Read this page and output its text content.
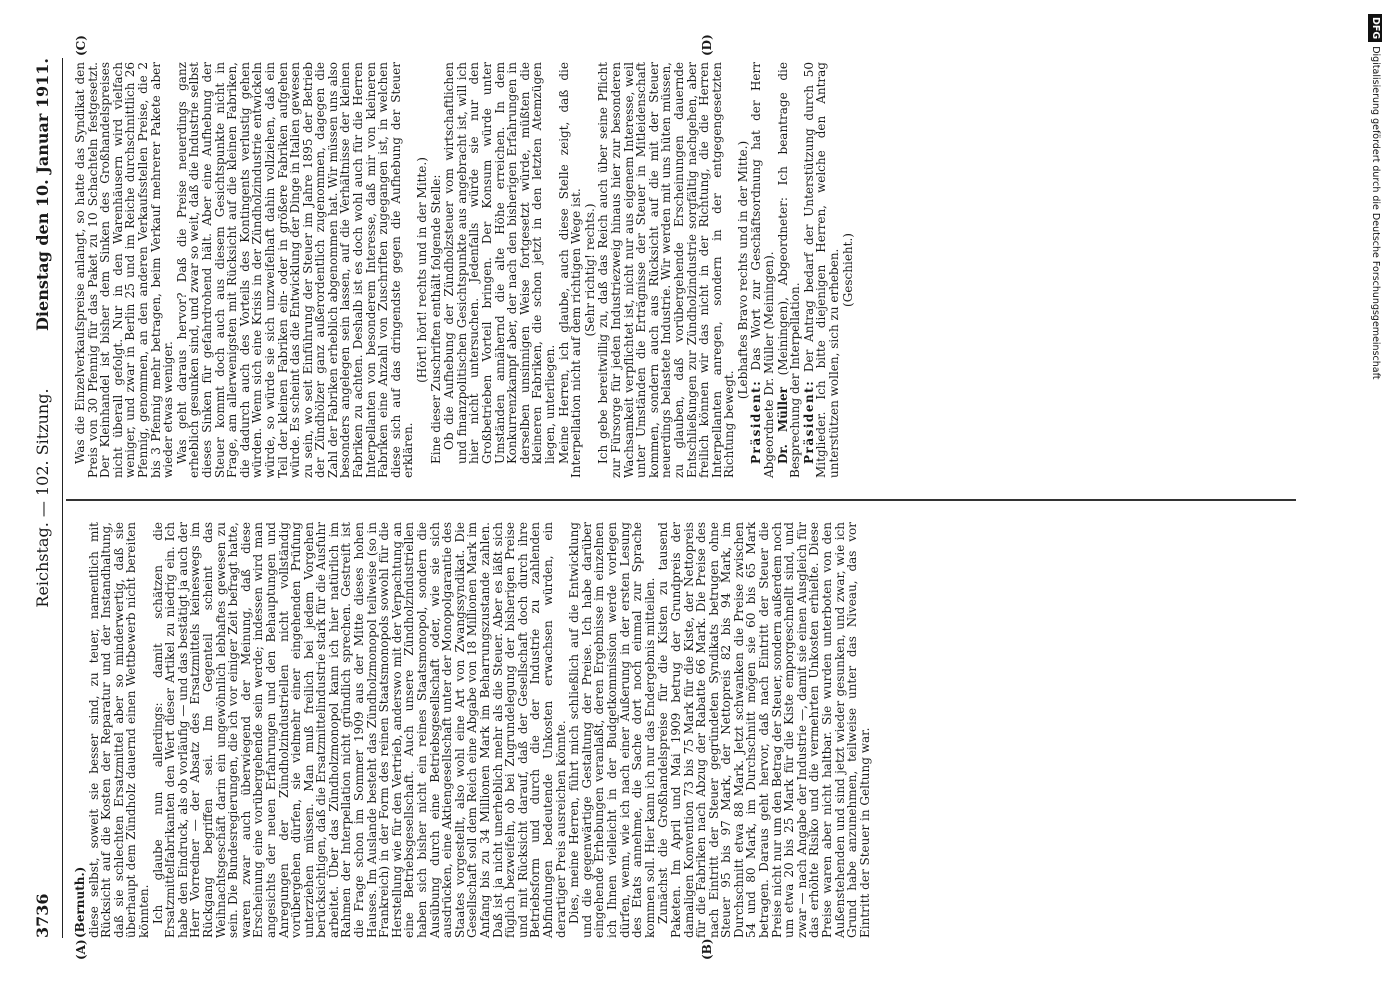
3736
Reichstag. — 102. Sitzung.
Dienstag den 10. Januar 1911.
(A)	(B)
(C)	(D)

(Bernuth.) diese selbst, soweit sie besser sind, zu teuer, namentlich mit Rücksicht auf die Kosten der Reparatur und der Instandhaltung, daß sie schlechten Ersatzmittel aber so minderwertig, daß sie überhaupt dem Zündholz dauernd einen Wettbewerb nicht bereiten könnten. Ich glaube nun allerdings: damit schätzen die Ersatzmittelfabrikanten den Wert dieser Artikel zu niedrig ein. Ich habe den Eindruck, als ob vorläufig — und das bestätigt ja auch der Herr Vorredner — der Absatz des Ersatzmittels keineswegs im Rückgang begriffen sei. Im Gegenteil scheint das Weihnachtsgeschäft darin ein ungewöhnlich lebhaftes gewesen zu sein. Die Bundesregierungen, die ich vor einiger Zeit befragt hatte, waren zwar auch überwiegend der Meinung, daß diese Erscheinung eine vorübergehende sein werde; indessen wird man angesichts der neuen Erfahrungen und den Behauptungen und Anregungen der Zündholzindustriellen nicht vollständig vorübergehen dürfen, sie vielmehr einer eingehenden Prüfung unterziehen müssen. Man muß freilich bei jedem Vorgehen berücksichtigen, daß die Ersatzmittelindustrie stark für die Ausfuhr arbeitet. Über das Zündholzmonopol kann ich hier natürlich im Rahmen der Interpellation nicht gründlich sprechen. Gestreift ist die Frage schon im Sommer 1909 aus der Mitte dieses hohen Hauses. Im Auslande besteht das Zündholzmonopol teilweise (so in Frankreich) in der Form des reinen Staatsmonopols sowohl für die Herstellung wie für den Vertrieb, anderswo mit der Verpachtung an eine Betriebsgesellschaft. Auch unsere Zündholzindustriellen haben sich bisher nicht ein reines Staatsmonopol, sondern die Ausübung durch eine Betriebsgesellschaft oder, wie sie sich ausdrücken, eine Aktiengesellschaft unter der Monopolgarantie des Staates vorgestellt, also wohl eine Art von Zwangssyndikat. Die Gesellschaft soll dem Reich eine Abgabe von 18 Millionen Mark im Anfang bis zu 34 Millionen Mark im Beharrungszustande zahlen. Daß ist ja nicht unerheblich mehr als die Steuer. Aber es läßt sich füglich bezweifeln, ob bei Zugrundelegung der bisherigen Preise und mit Rücksicht darauf, daß der Gesellschaft doch durch ihre Betriebsform und durch die der Industrie zu zahlenden Abfindungen bedeutende Unkosten erwachsen würden, ein derartiger Preis ausreichen könnte. Dies, meine Herren, führt mich schließlich auf die Entwicklung und die gegenwärtige Gestaltung der Preise. Ich habe darüber eingehende Erhebungen veranlaßt, deren Ergebnisse im einzelnen ich Ihnen vielleicht in der Budgetkommission werde vorlegen dürfen, wenn, wie ich nach einer Äußerung in der ersten Lesung des Etats annehme, die Sache dort noch einmal zur Sprache kommen soll. Hier kann ich nur das Endergebnis mitteilen. Zunächst die Großhandelspreise für die Kisten zu tausend Paketen. Im April und Mai 1909 betrug der Grundpreis der damaligen Konvention 73 bis 75 Mark für die Kiste, der Nettopreis für die Fabriken nach Abzug der Rabatte 66 Mark. Die Preise des nach Eintritt der Steuer gegründeten Syndikats betrugen ohne Steuer 95 bis 97 Mark, der Nettopreis 82 bis 94 Mark, im Durchschnitt etwa 88 Mark. Jetzt schwanken die Preise zwischen 54 und 80 Mark, im Durchschnitt mögen sie 60 bis 65 Mark betragen. Daraus geht hervor, daß nach Eintritt der Steuer die Preise nicht nur um den Betrag der Steuer, sondern außerdem noch um etwa 20 bis 25 Mark für die Kiste emporgeschnellt sind, und zwar — nach Angabe der Industrie —, damit sie einen Ausgleich für das erhöhte Risiko und die vermehrten Unkosten erhielte. Diese Preise waren aber nicht haltbar. Sie wurden unterboten von den Außenstehenden und sind jetzt wieder gesunken, und zwar, wie ich Grund habe anzunehmen, teilweise unter das Niveau, das vor Eintritt der Steuer in Geltung war.

Was die Einzelverkaufspreise anlangt, so hatte das Syndikat den Preis von 30 Pfennig für das Paket zu 10 Schachteln festgesetzt. Der Kleinhandel ist bisher dem Sinken des Großhandelspreises nicht überall gefolgt. Nur in den Warenhäusern wird vielfach weniger, und zwar in Berlin 25 und im Reiche durchschnittlich 26 Pfennig, genommen, an den anderen Verkaufsstellen Preise, die 2 bis 3 Pfennig mehr betragen, beim Verkauf mehrerer Pakete aber wieder etwas weniger. Was geht daraus hervor? Daß die Preise neuerdings ganz erheblich gesunken sind, und zwar so weit, daß die Industrie selbst dieses Sinken für gefahrdrohend hält. Aber eine Aufhebung der Steuer kommt doch auch aus diesem Gesichtspunkte nicht in Frage, am allerwenigsten mit Rücksicht auf die kleinen Fabriken, die dadurch auch des Vorteils des Kontingents verlustig gehen würden. Wenn sich eine Krisis in der Zündholzindustrie entwickeln würde, so würde sie sich unzweifelhaft dahin vollziehen, daß ein Teil der kleinen Fabriken ein- oder in größere Fabriken aufgehen würde. Es scheint das die Entwicklung der Dinge in Italien gewesen zu sein, wo seit Einführung der Steuer im Jahre 1895 der Betrieb der Zündhölzer ganz außerordentlich zugenommen, dagegen die Zahl der Fabriken erheblich abgenommen hat. Wir müssen uns also besonders angelegen sein lassen, auf die Verhältnisse der kleinen Fabriken zu achten. Deshalb ist es doch wohl auch für die Herren Interpellanten von besonderem Interesse, daß mir von kleineren Fabriken eine Anzahl von Zuschriften zugegangen ist, in welchen diese sich auf das dringendste gegen die Aufhebung der Steuer erklären.

(Hört! hört! rechts und in der Mitte.) Eine dieser Zuschriften enthält folgende Stelle: Ob die Aufhebung der Zündholzsteuer vom wirtschaftlichen und finanzpolitischen Gesichtspunkte aus angebracht ist, will ich hier nicht untersuchen. Jedenfalls würde sie nur den Großbetrieben Vorteil bringen. Der Konsum würde unter Umständen annähernd die alte Höhe erreichen. In dem Konkurrenzkampf aber, der nach den bisherigen Erfahrungen in derselben unsinnigen Weise fortgesetzt würde, müßten die kleineren Fabriken, die schon jetzt in den letzten Atemzügen liegen, unterliegen. Meine Herren, ich glaube, auch diese Stelle zeigt, daß die Interpellation nicht auf dem richtigen Wege ist. (Sehr richtig! rechts.) Ich gebe bereitwillig zu, daß das Reich auch über seine Pflicht zur Fürsorge für jeden Industriezweig hinaus hier zur besonderen Wachsamkeit verpflichtet ist, nicht nur aus eigenem Interesse, weil unter Umständen die Erträgnisse der Steuer in Mitleidenschaft kommen, sondern auch aus Rücksicht auf die mit der Steuer neuerdings belastete Industrie. Wir werden mit uns hüten müssen, zu glauben, daß vorübergehende Erscheinungen dauernde Entschließungen zur Zündholzindustrie sorgfältig nachgehen, aber freilich können wir das nicht in der Richtung, die die Herren Interpellanten anregen, sondern in der entgegengesetzten Richtung bewegt.

(Lebhaftes Bravo rechts und in der Mitte.)

Präsident: Das Wort zur Geschäftsordnung hat der Herr Abgeordnete Dr. Müller (Meiningen). Dr. Müller (Meiningen), Abgeordneter: Ich beantrage die Besprechung der Interpellation. Präsident: Der Antrag bedarf der Unterstützung durch 50 Mitglieder. Ich bitte diejenigen Herren, welche den Antrag unterstützen wollen, sich zu erheben. (Geschieht.)

DFGDigitalisierung gefördert durch die Deutsche Forschungsgemeinschaft
